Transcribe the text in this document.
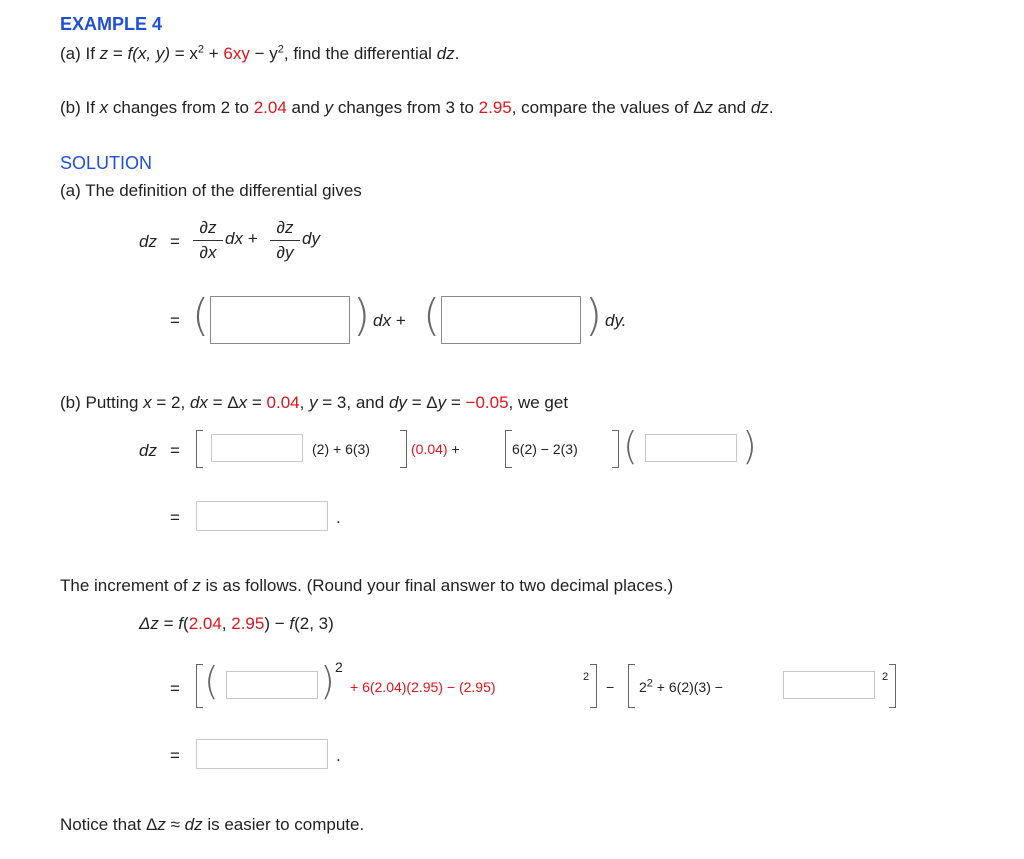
EXAMPLE 4
(a) If z = f(x, $y) = x^2 + 6xy - y^2$, find the differential dz.
(b) If x changes from 2 to 2.04 and y changes from 3 to 2.95, compare the values of Δz and dz.
SOLUTION
(a) The definition of the differential gives
dz =
∂z
∂x
dx +
∂z
∂y
dy
= (	) dx + (	) dy.
(b) Putting x = 2, dx = Δx = 0.04, y = 3, and dy = Δy = −0.05, we get
dz =	(2) + 6(3)	(0.04) +	6(2) − 2(3) (	)
=	.
The increment of z is as follows. (Round your final answer to two decimal places.)
Δz = f(2.04, 2.95) − f(2, 3)
= (	) 2
+ 6(2.04)(2.95) − (2.95)
2
− $2^2 + 6(2)(3)$ −
2
=	.
Notice that Δz ≈ dz is easier to compute.
